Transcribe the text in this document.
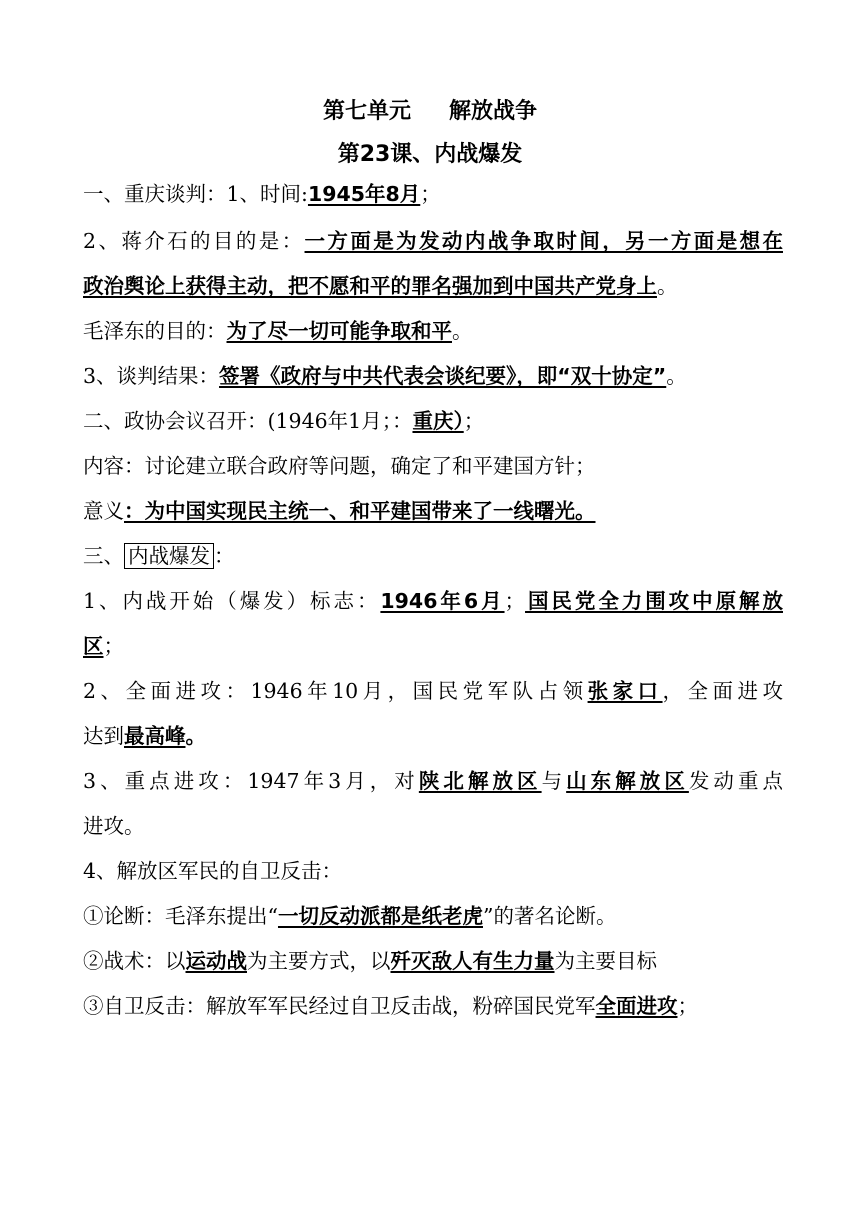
第七单元 解放战争
第23课、内战爆发
一、重庆谈判：1、时间:1945年8月；
2、蒋介石的目的是：一方面是为发动内战争取时间，另一方面是想在
政治舆论上获得主动，把不愿和平的罪名强加到中国共产党身上。
毛泽东的目的：为了尽一切可能争取和平。
3、谈判结果：签署《政府与中共代表会谈纪要》，即“双十协定”。
二、政协会议召开：(1946年1月；：重庆）；
内容：讨论建立联合政府等问题，确定了和平建国方针；
意义：为中国实现民主统一、和平建国带来了一线曙光。
三、 内战爆发 ：
1、内战开始（爆发）标志：1946年6月；国民党全力围攻中原解放
区；
2、全面进攻：1946年10月，国民党军队占领张家口，全面进攻
达到最高峰。
3、重点进攻：1947年3月，对陕北解放区与山东解放区发动重点
进攻。
4、解放区军民的自卫反击：
①论断：毛泽东提出“一切反动派都是纸老虎”的著名论断。
②战术：以运动战为主要方式，以歼灭敌人有生力量为主要目标
③自卫反击：解放军军民经过自卫反击战，粉碎国民党军全面进攻；
